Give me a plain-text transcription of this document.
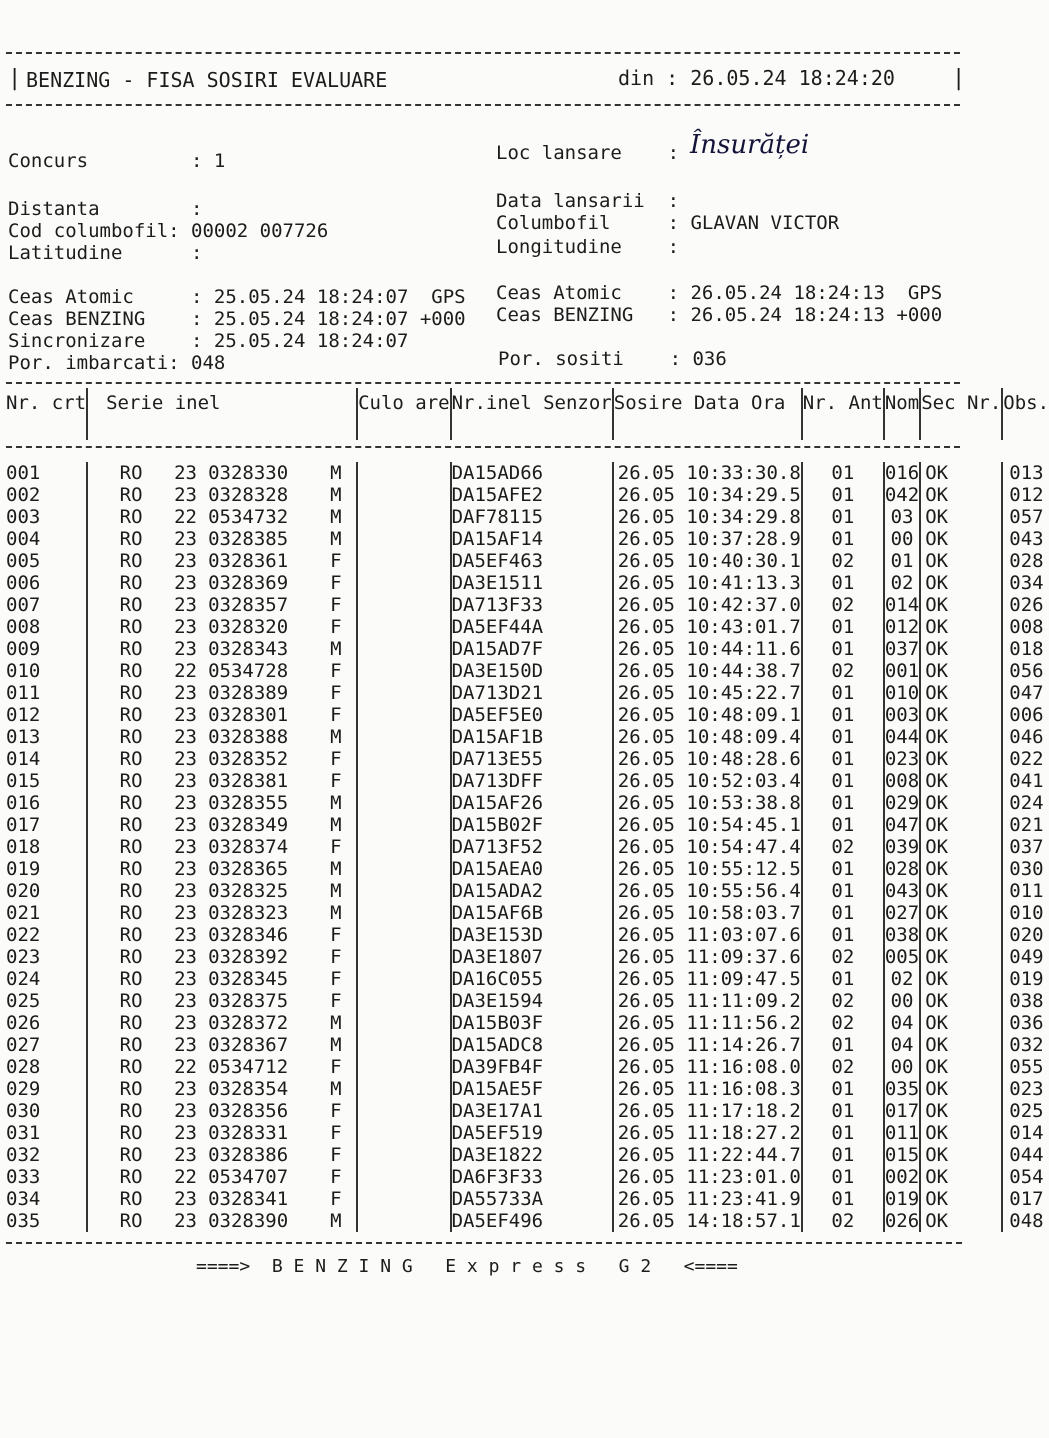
| BENZING - FISA SOSIRI EVALUARE	din : 26.05.24 18:24:20	|
Concurs	: 1	Loc lansare : Însurăței
Distanta	:	Data lansarii :
Cod columbofil: 00002 007726	Columbofil	: GLAVAN VICTOR
Latitudine	:	Longitudine :
Ceas Atomic	: 25.05.24 18:24:07  GPS Ceas Atomic : 26.05.24 18:24:13  GPS
Ceas BENZING : 25.05.24 18:24:07 +000 Ceas BENZING : 26.05.24 18:24:13 +000
Sincronizare : 25.05.24 18:24:07
Por. imbarcati: 048	Por. sositi : 036
Nr. crt	Serie inel	Culo are	Nr.inel Senzor	Sosire Data Ora	Nr. Ant	Nom	Sec Nr.	Obs.

001	RO 23 0328330 M		DA15AD66	26.05 10:33:30.8	01	016	OK	013
002	RO 23 0328328 M		DA15AFE2	26.05 10:34:29.5	01	042	OK	012
003	RO 22 0534732 M		DAF78115	26.05 10:34:29.8	01	03	OK	057
004	RO 23 0328385 M		DA15AF14	26.05 10:37:28.9	01	00	OK	043
005	RO 23 0328361 F		DA5EF463	26.05 10:40:30.1	02	01	OK	028
006	RO 23 0328369 F		DA3E1511	26.05 10:41:13.3	01	02	OK	034
007	RO 23 0328357 F		DA713F33	26.05 10:42:37.0	02	014	OK	026
008	RO 23 0328320 F		DA5EF44A	26.05 10:43:01.7	01	012	OK	008
009	RO 23 0328343 M		DA15AD7F	26.05 10:44:11.6	01	037	OK	018
010	RO 22 0534728 F		DA3E150D	26.05 10:44:38.7	02	001	OK	056
011	RO 23 0328389 F		DA713D21	26.05 10:45:22.7	01	010	OK	047
012	RO 23 0328301 F		DA5EF5E0	26.05 10:48:09.1	01	003	OK	006
013	RO 23 0328388 M		DA15AF1B	26.05 10:48:09.4	01	044	OK	046
014	RO 23 0328352 F		DA713E55	26.05 10:48:28.6	01	023	OK	022
015	RO 23 0328381 F		DA713DFF	26.05 10:52:03.4	01	008	OK	041
016	RO 23 0328355 M		DA15AF26	26.05 10:53:38.8	01	029	OK	024
017	RO 23 0328349 M		DA15B02F	26.05 10:54:45.1	01	047	OK	021
018	RO 23 0328374 F		DA713F52	26.05 10:54:47.4	02	039	OK	037
019	RO 23 0328365 M		DA15AEA0	26.05 10:55:12.5	01	028	OK	030
020	RO 23 0328325 M		DA15ADA2	26.05 10:55:56.4	01	043	OK	011
021	RO 23 0328323 M		DA15AF6B	26.05 10:58:03.7	01	027	OK	010
022	RO 23 0328346 F		DA3E153D	26.05 11:03:07.6	01	038	OK	020
023	RO 23 0328392 F		DA3E1807	26.05 11:09:37.6	02	005	OK	049
024	RO 23 0328345 F		DA16C055	26.05 11:09:47.5	01	02	OK	019
025	RO 23 0328375 F		DA3E1594	26.05 11:11:09.2	02	00	OK	038
026	RO 23 0328372 M		DA15B03F	26.05 11:11:56.2	02	04	OK	036
027	RO 23 0328367 M		DA15ADC8	26.05 11:14:26.7	01	04	OK	032
028	RO 22 0534712 F		DA39FB4F	26.05 11:16:08.0	02	00	OK	055
029	RO 23 0328354 M		DA15AE5F	26.05 11:16:08.3	01	035	OK	023
030	RO 23 0328356 F		DA3E17A1	26.05 11:17:18.2	01	017	OK	025
031	RO 23 0328331 F		DA5EF519	26.05 11:18:27.2	01	011	OK	014
032	RO 23 0328386 F		DA3E1822	26.05 11:22:44.7	01	015	OK	044
033	RO 22 0534707 F		DA6F3F33	26.05 11:23:01.0	01	002	OK	054
034	RO 23 0328341 F		DA55733A	26.05 11:23:41.9	01	019	OK	017
035	RO 23 0328390 M		DA5EF496	26.05 14:18:57.1	02	026	OK	048
====>  B E N Z I N G   E x p r e s s   G 2   <====
